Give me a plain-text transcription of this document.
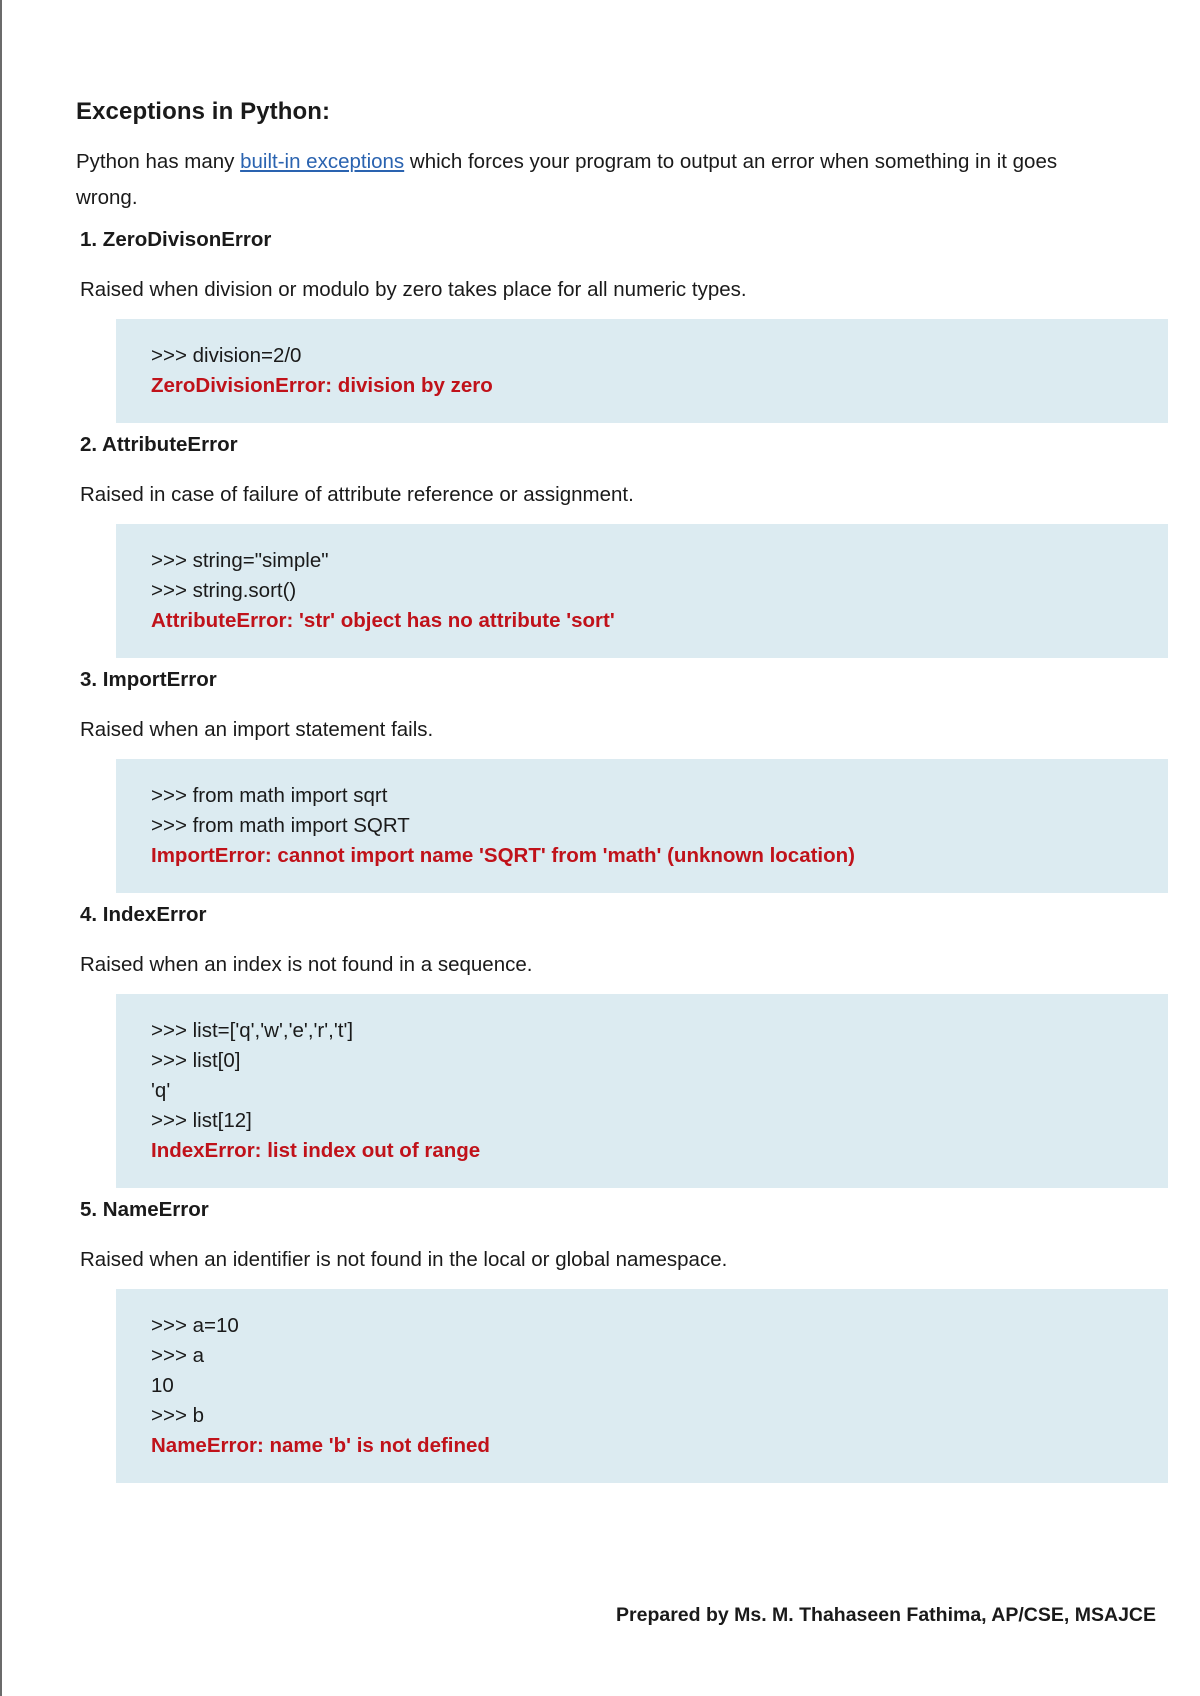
Exceptions in Python:

Python has many built-in exceptions which forces your program to output an error when something in it goes wrong.

1. ZeroDivisonError
Raised when division or modulo by zero takes place for all numeric types.
>>> division=2/0
ZeroDivisionError: division by zero
2. AttributeError
Raised in case of failure of attribute reference or assignment.
>>> string="simple"
>>> string.sort()
AttributeError: 'str' object has no attribute 'sort'
3. ImportError
Raised when an import statement fails.
>>> from math import sqrt
>>> from math import SQRT
ImportError: cannot import name 'SQRT' from 'math' (unknown location)
4. IndexError
Raised when an index is not found in a sequence.
>>> list=['q','w','e','r','t']
>>> list[0]
'q'
>>> list[12]
IndexError: list index out of range
5. NameError
Raised when an identifier is not found in the local or global namespace.
>>> a=10
>>> a
10
>>> b
NameError: name 'b' is not defined
Prepared by Ms. M. Thahaseen Fathima, AP/CSE, MSAJCE
